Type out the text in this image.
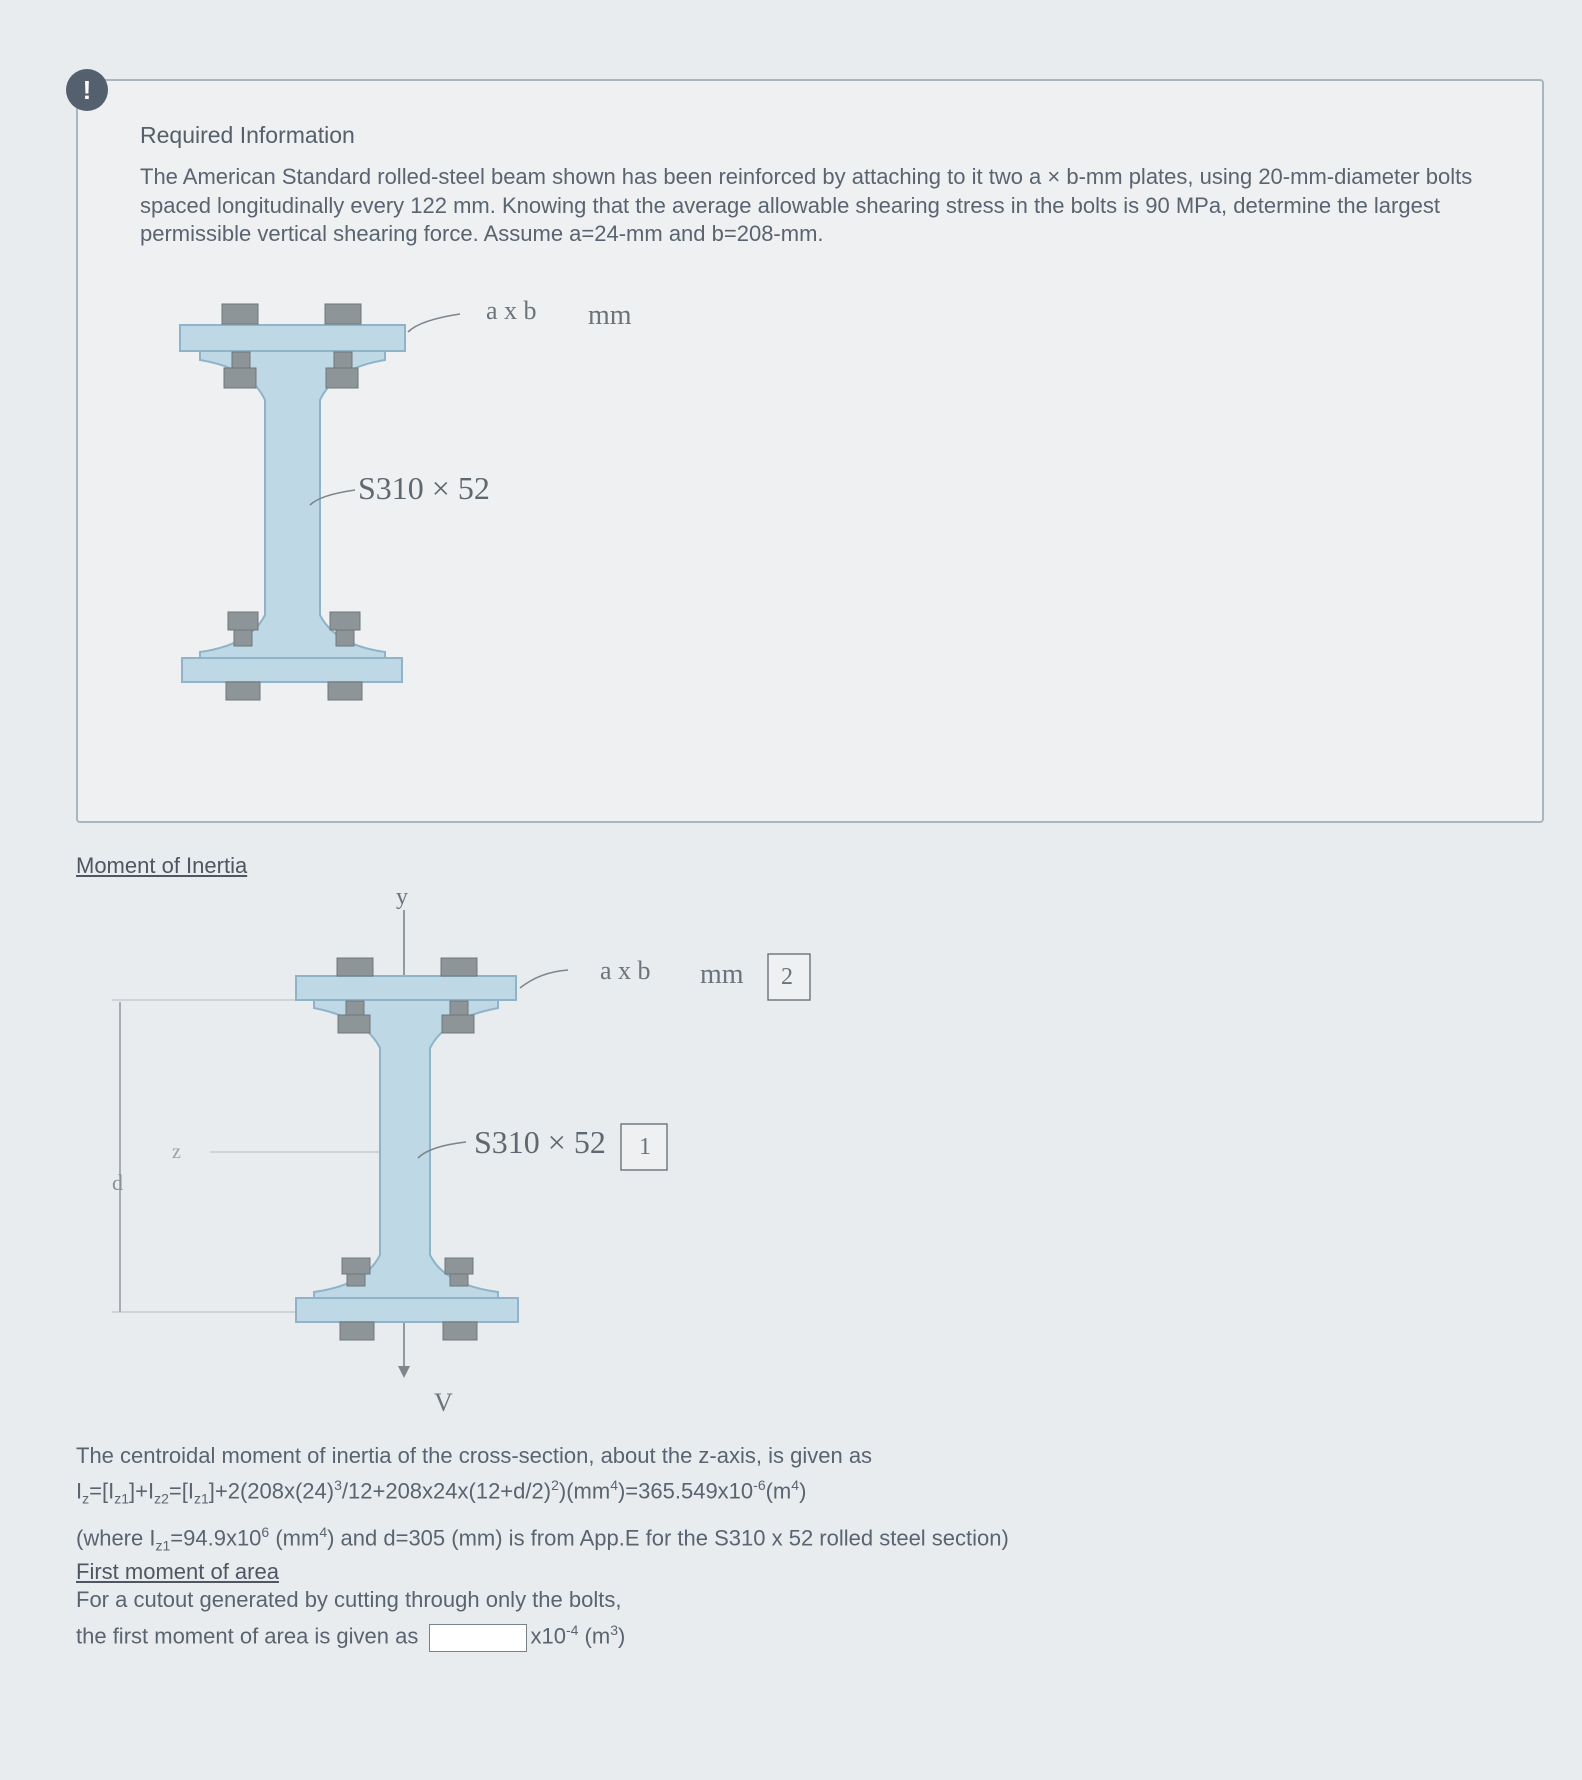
!
Required Information
The American Standard rolled-steel beam shown has been reinforced by attaching to it two a × b-mm plates, using 20-mm-diameter bolts spaced longitudinally every 122 mm. Knowing that the average allowable shearing stress in the bolts is 90 MPa, determine the largest permissible vertical shearing force. Assume a=24-mm and b=208-mm.
a x b mm
S310 × 52
Moment of Inertia
y
z
d
V
a x b mm 2
S310 × 52 1
The centroidal moment of inertia of the cross-section, about the z-axis, is given as
$I_z=[I_{z1}]+I_{z2}=[I_{z1}]+2(208x(24)^3/12+208x24x(12+d/2)^2)(mm^4)=365.549x10^{-6}(m^4)$
(where $I_{z1}=94.9x10^6$ $(mm^4)$ and d=305 (mm) is from App.E for the S310 x 52 rolled steel section)
First moment of area
For a cutout generated by cutting through only the bolts,
the first moment of area is given as	$x10^{-4}$ $(m^3)$
